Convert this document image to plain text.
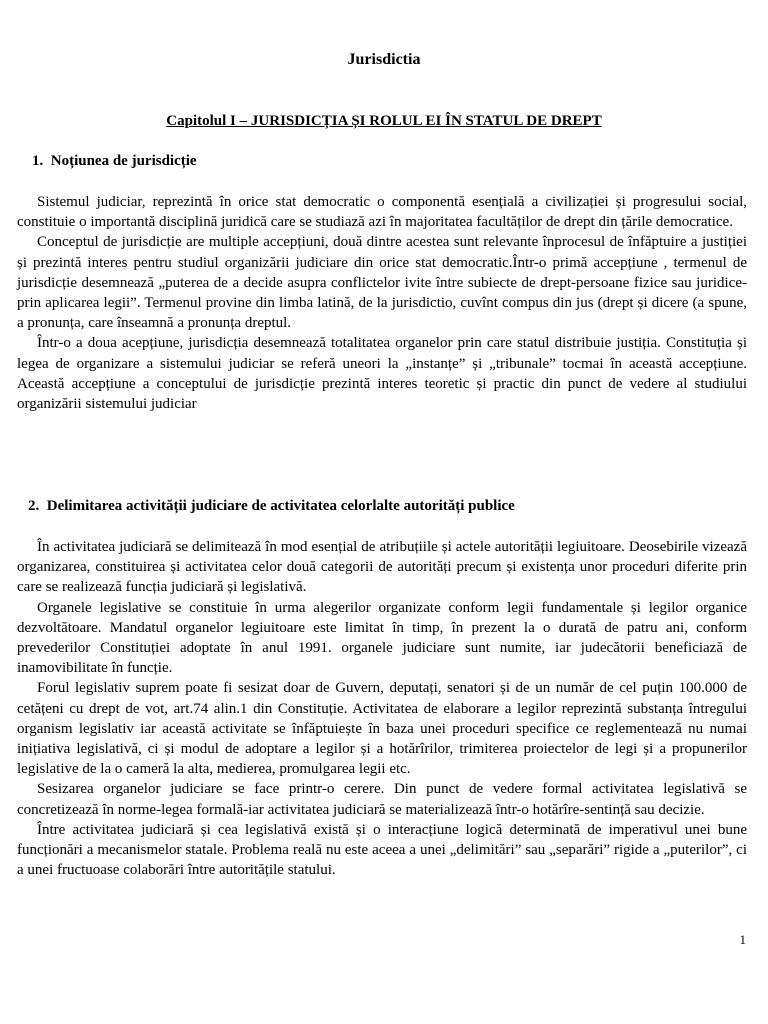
Jurisdictia
Capitolul I – JURISDICȚIA ȘI ROLUL EI ÎN STATUL DE DREPT
1. Noțiunea de jurisdicție

Sistemul judiciar, reprezintă în orice stat democratic o componentă esențială a civilizației și progresului social, constituie o importantă disciplină juridică care se studiază azi în majoritatea facultăților de drept din țările democratice.

Conceptul de jurisdicție are multiple accepțiuni, două dintre acestea sunt relevante înprocesul de înfăptuire a justiției și prezintă interes pentru studiul organizării judiciare din orice stat democratic.Într-o primă accepțiune , termenul de jurisdicție desemnează „puterea de a decide asupra conflictelor ivite între subiecte de drept-persoane fizice sau juridice-prin aplicarea legii”. Termenul provine din limba latină, de la jurisdictio, cuvînt compus din jus (drept și dicere (a spune, a pronunța, care înseamnă a pronunța dreptul.

Într-o a doua acepțiune, jurisdicția desemnează totalitatea organelor prin care statul distribuie justiția. Constituția și legea de organizare a sistemului judiciar se referă uneori la „instanțe” și „tribunale” tocmai în această accepțiune. Această accepțiune a conceptului de jurisdicție prezintă interes teoretic și practic din punct de vedere al studiului organizării sistemului judiciar

2. Delimitarea activității judiciare de activitatea celorlalte autorități publice

În activitatea judiciară se delimitează în mod esențial de atribuțiile și actele autorității legiuitoare. Deosebirile vizează organizarea, constituirea și activitatea celor două categorii de autorități precum și existența unor proceduri diferite prin care se realizează funcția judiciară și legislativă.

Organele legislative se constituie în urma alegerilor organizate conform legii fundamentale și legilor organice dezvoltătoare. Mandatul organelor legiuitoare este limitat în timp, în prezent la o durată de patru ani, conform prevederilor Constituției adoptate în anul 1991. organele judiciare sunt numite, iar judecătorii beneficiază de inamovibilitate în funcție.

Forul legislativ suprem poate fi sesizat doar de Guvern, deputați, senatori și de un număr de cel puțin 100.000 de cetățeni cu drept de vot, art.74 alin.1 din Constituție. Activitatea de elaborare a legilor reprezintă substanța întregului organism legislativ iar această activitate se înfăptuiește în baza unei proceduri specifice ce reglementează nu numai inițiativa legislativă, ci și modul de adoptare a legilor și a hotărîrilor, trimiterea proiectelor de legi și a propunerilor legislative de la o cameră la alta, medierea, promulgarea legii etc.

Sesizarea organelor judiciare se face printr-o cerere. Din punct de vedere formal activitatea legislativă se concretizează în norme-legea formală-iar activitatea judiciară se materializează într-o hotărîre-sentință sau decizie.

Între activitatea judiciară și cea legislativă există și o interacțiune logică determinată de imperativul unei bune funcționări a mecanismelor statale. Problema reală nu este aceea a unei „delimitări” sau „separări” rigide a „puterilor”, ci a unei fructuoase colaborări între autoritățile statului.

1
